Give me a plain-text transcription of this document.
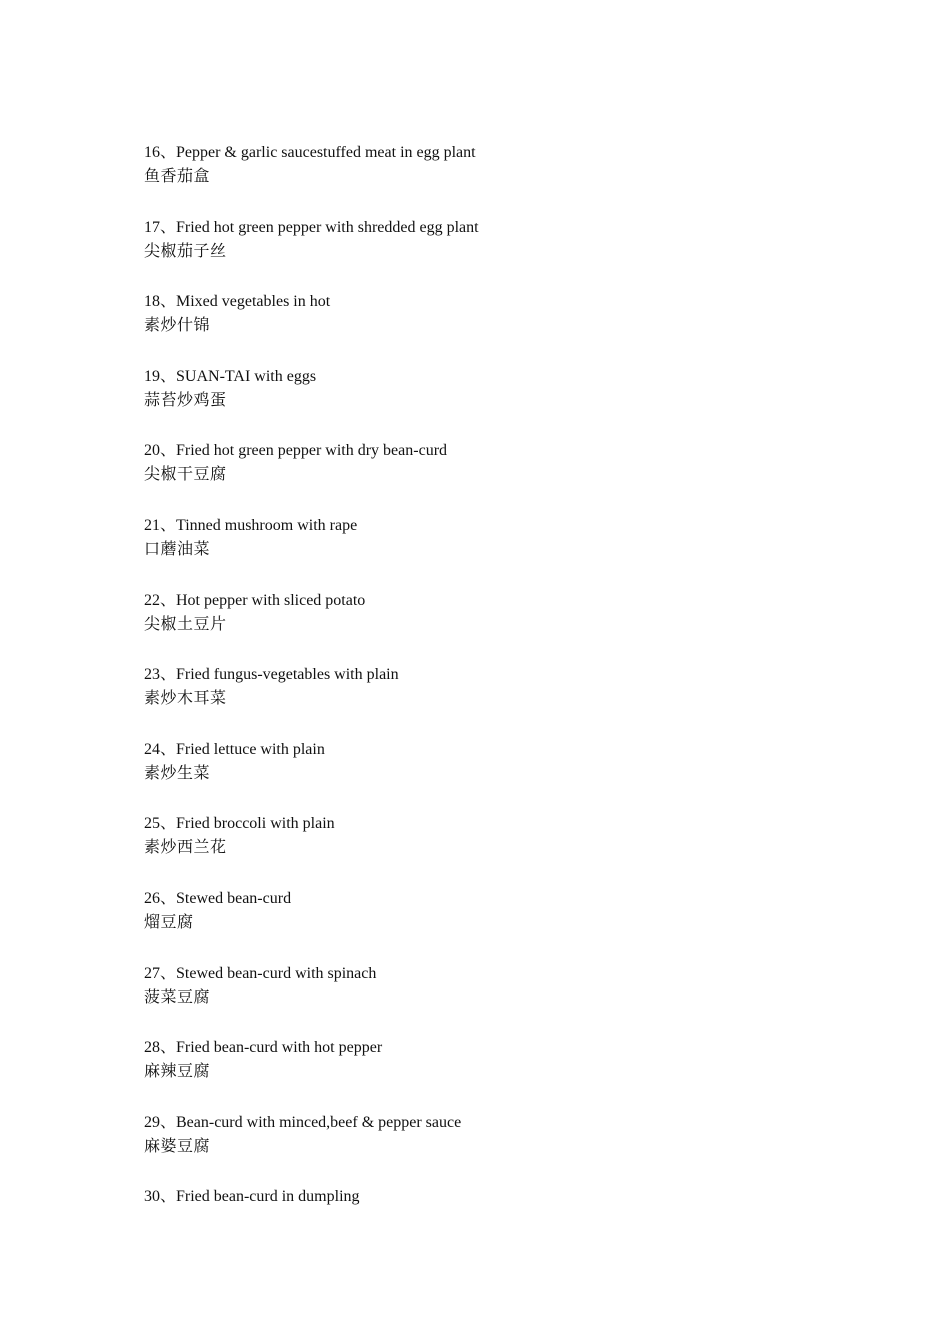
16、Pepper & garlic saucestuffed meat in egg plant
鱼香茄盒
17、Fried hot green pepper with shredded egg plant
尖椒茄子丝
18、Mixed vegetables in hot
素炒什锦
19、SUAN-TAI with eggs
蒜苔炒鸡蛋
20、Fried hot green pepper with dry bean-curd
尖椒干豆腐
21、Tinned mushroom with rape
口蘑油菜
22、Hot pepper with sliced potato
尖椒土豆片
23、Fried fungus-vegetables with plain
素炒木耳菜
24、Fried lettuce with plain
素炒生菜
25、Fried broccoli with plain
素炒西兰花
26、Stewed bean-curd
熘豆腐
27、Stewed bean-curd with spinach
菠菜豆腐
28、Fried bean-curd with hot pepper
麻辣豆腐
29、Bean-curd with minced,beef & pepper sauce
麻婆豆腐
30、Fried bean-curd in dumpling
